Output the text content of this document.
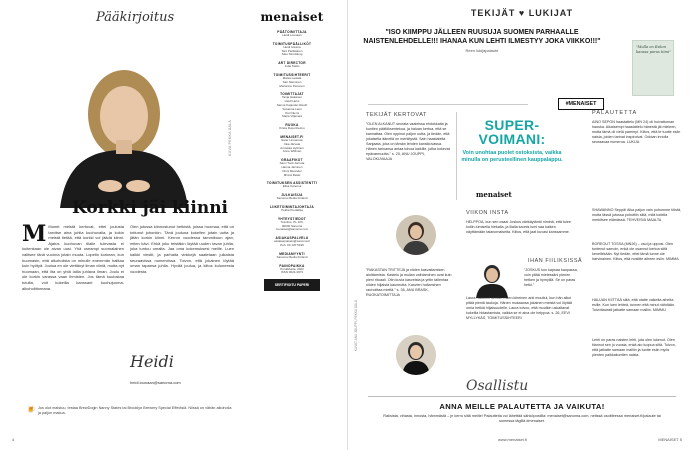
Pääkirjoitus
KUVA PEKKA ÄÄLÄ
Korkki jäi kiinni
M Monet meistä kertovat, ettei joulusta tarvitse aina juhlia kuohuvalla, ja kukin meistä tietää, että korkki voi jäädä kiinni. Ajatus kuohuvan tilalle tulevasta ei kuitenkaan ole aivan uusi. Yhä useampi suomalainen valitsee tänä vuonna jotain muuta. Lopetin korkean, kun huomasin, että alkoholista on minulle enemmän haittaa kuin hyötyä. Joulua en ole viettänyt ilman viiniä, mutta nyt huomaan, että ilta on yhtä lailla juhlava ilman. Joulu ei ole korkin varassa vaan ihmisten. Jos tämä kuulostaa tutulta, voit kokeilla kanssani: kuohujuoma-alkoholittomana.
Olen jutussa kiinnostunut hetkistä, joissa huomaa, että on tottunut johonkin. Tänä jouluna kokeilen jotain uutta ja jätän korkin kiinni. Kerron vuodessa tammikuun ajan, miten kävi. Ehkä joku teistäkin löytää uuden tavan juhlia, joka tuntuu omalta. Jaa oma kokemuksesi meille. Luen kaikki viestit, ja parhaita vinkkejä saatetaan julkaista seuraavissa numeroissa. Toivon, että jokainen löytää oman tapansa juhlia. Hyvää joulua, ja kiitos kuluneesta vuodesta.
Heidi
heidi.lounaan@sanoma.com
🍺 Jos olut maistuu, testaa BrewDogin Nanny States tai Brooklyn Brewery Special Effectsiä. Niissä on vähän alkoholia ja paljon makua.
4
menaiset
PÄÄTOIMITTAJA
Heidi Lounaan
TOIMITUSPÄÄLLIKÖT
Heidi Ivanina
Tani Pietikäinen
Satu Stroddung
ART DIRECTOR
Jutta Kaitio
TOIMITUSSIHTEERIT
Maisa Lauiala
Sari Nieminen
Marianne Pesonen
TOIMITTAJAT
Tanja Hakanen
Heidi Helm
Sanna Kajander-Rauth
Susanna Lasri
Outi Niemi
Maria Viljamaa
RUOKA
Krista Ruponheimo
MENAISET.FI
Ester Linnamaa
Inka Järvela
Annukka Hyttinen
Anne Willman
GRAAFIKOT
Sami Tuck Jarnola
Hanna Jarvinen
Ninni Meander
Minna Rekki
TOIMITUKSEN ASSISTENTTI
Elisa Kanerva
JULKAISIJA
Sanoma Media Finland
LIIKETOIMINTAJOHTAJA
Pekka Puolakka
YHTEYSTIEDOT
Toimitus, PL 100,
00040 Sanoma
menaiset@sanoma.com
ASIAKASPALVELU
asiakaspalvelu@sanoma.fi
Puh. 09 120 5199
MEDIAMYYNTI
Sanoma Media Finland
PAINOPAIKKA
PunaMusta, 2022
ISSN 0024-3973
SERTIFIOITU PAPERI
TEKIJÄT ♥ LUKIJAT
"ISO KIIMPPU JÄLLEEN RUUSUJA SUOMEN PARHAALLE NAISTENLEHDELLE!!! IHANAA KUN LEHTI ILMESTYY JOKA VIIKKO!!!"
Reen lukijapalaute
"Mulla on Eskon kanssa paras tiimi"
#MENAISET
TEKIJÄT KERTOVAT
"OLEN ALKANUT seurata vaaleissa ehdokkaita ja kuntien päätöksentekoa, ja haluan kertoa, että se kannattaa. Olen oppinut paljon uutta, ja tiedän, että jokaisella äänellä on merkitystä. Sain haastatella Sanjaata, joka on tämän lehden kansikuvassa. Hänen tarinansa antaa toivoa kaikille, jotka kokevat epävarmuutta." s. 20, ANU JOUPPI, VALOKUVAAJA
"RAKASTAN TRITTEJÄ ja niiden kasvattamisen aloittamista. Kastelu ja mullan vaihtaminen ovat kuin pieni rituaali. Otin kuvia kasveista ja yritin tallentaa niiden hiljaista kauneutta. Kasvien hoitaminen rauhoittaa mieltä." s. 36, ANU BRASK, RUOKATOIMITTAJA
SUPER-VOIMANI:
Voin unohtaa puolet ostoksista, vaikka minulla on perusteellinen kauppalappu.
menaiset
VIIKON INSTA
HELPPOA, kun sen osaa! Joskus värikäytäntö niminä, että tulee kotiin lumisella hiekalla, ja illalla kaunis lumi saa kaiken näyttämään taianomaiselta. Kiitos, että jaat kuvasi kanssamme.
IHAN FIILIKSISSÄ
"JOSKUS kun kapsaa kaupassa, voin pitää mielessäni pienen hetken ja hymyillä. Se on paras hetki."
Laura Halonen kertoo, miten kiireinen arki muuttui, kun hän alkoi pitää pieniä taukoja. Hänen mukaansa jokainen meistä voi löytää omia hetkiä hiljaisuudelle. Laura toivoo, että muutkin uskaltavat kokeilla hidastamista, vaikka se ei aina ole helppoa. s. 26, EEVI MYLLYKÄS, TOIMITUSSIHTEERI
PALAUTETTA
AINO SEPON haastattelu (MN 24) oli hulvattoman hauska. Aikaisempi haastattelu hänestä jäi mieleen, mutta tämä oli vielä parempi. Kiitos, että te tuotte esiin naisia, joiden tarinat inspiroivat. Odotan innolla seuraavaa numeroa. LUKIJA
SHAWANNO Seppä! Aika paljon vain puhumme töistä, mutta tässä jutussa puhuttiin siitä, mitä todella merkitsee elämässä. TEHVEISIÄ MAALTA
BOREOUT TOSSA (MN26) – osui ja upposi. Olen tuntenut samoin, enkä ole osannut kertoa siitä kenellekään. Nyt tiedän, ettei tämä tunne ole harvinainen. Kiitos, että nostitte aiheen esiin. MIMMA
HALUAN KIITTÄÄ siitä, että otatte vaikeita aiheita esille. Kun luen lehteä, tunnen että minut nähdään. Toivottavasti jatkatte samaan malliin. MIMMU
Lehti on paras naisten lehti, jota olen lukenut. Olen tilannut sen jo vuosia, enkä aio luopua siitä. Toivon, että jatkatte samaan malliin ja tuotte esiin myös pienten paikkakuntien naisia.
KUVAT ANU JOUPPI, PEKKA ÄÄLÄ
Osallistu
ANNA MEILLE PALAUTETTA JA VAIKUTA!
Raksista, vihasta, innosta, hämmästä – je kerro siitä meille! Palautteita voi lähettää sähköpostilla: menaiset@sanoma.com, netissä osoitteessa menaiset.fi/palaute tai somessa tägillä #menaiset.
www.menaiset.fi	MENAISET 5
